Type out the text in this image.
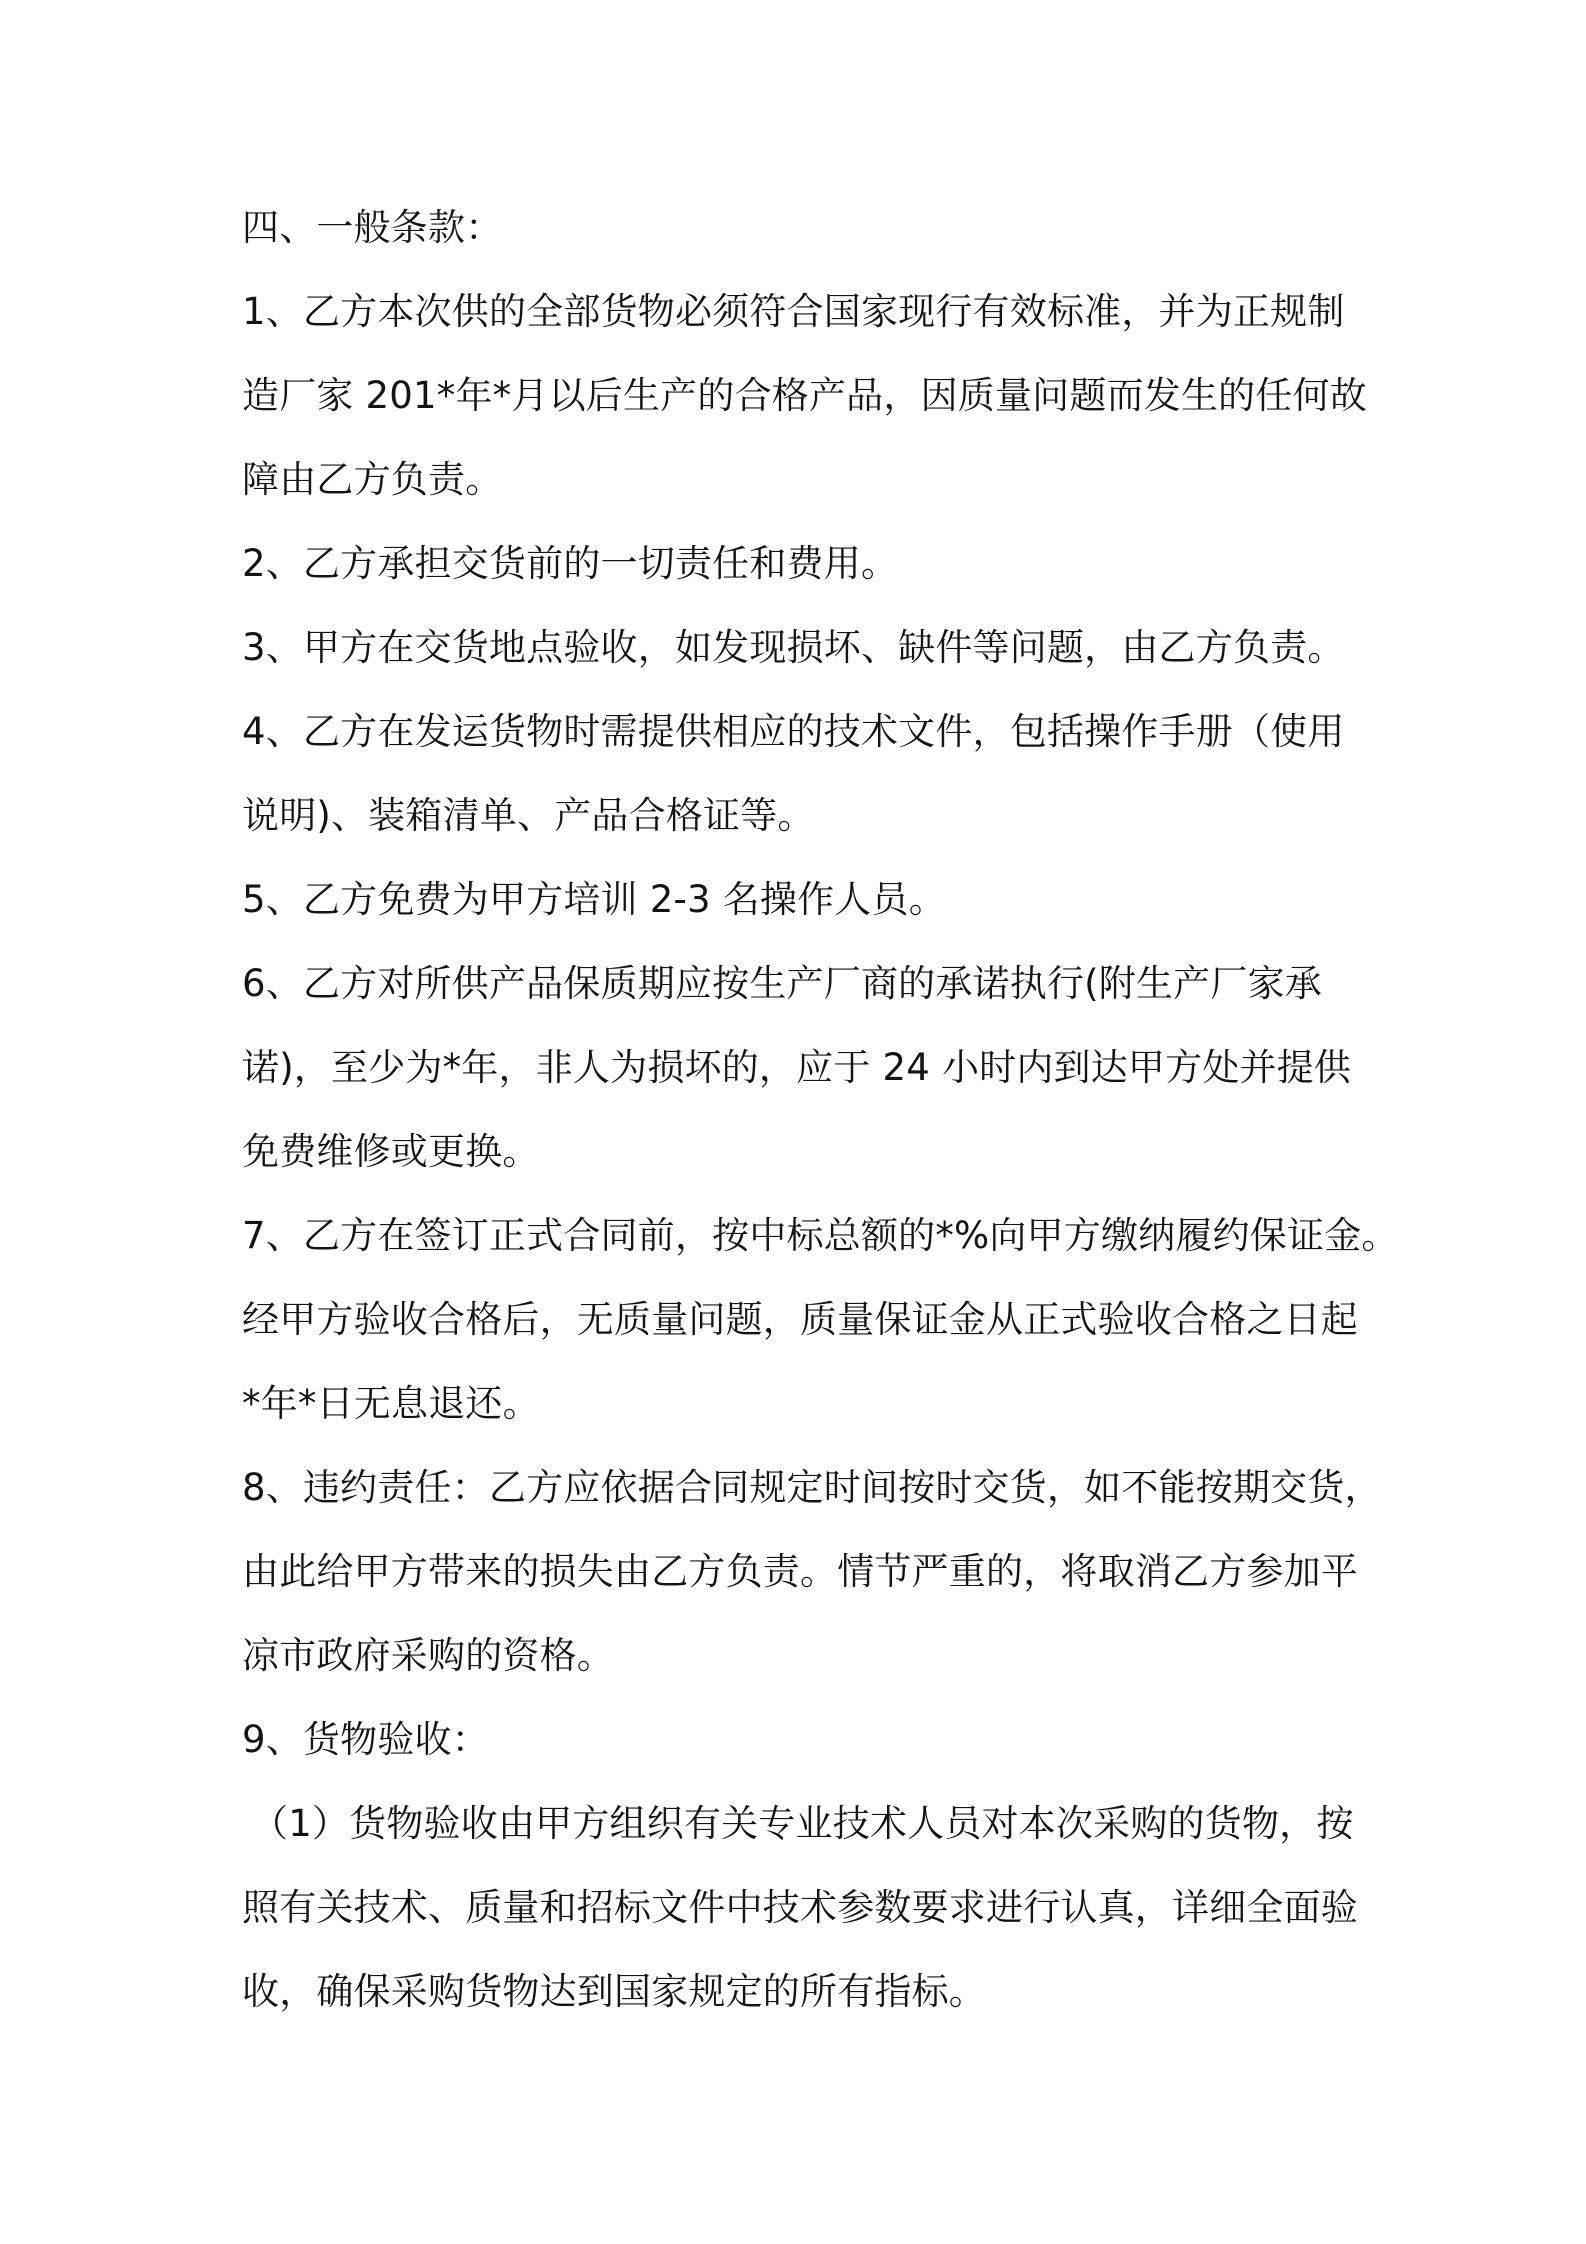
四、一般条款：
1、乙方本次供的全部货物必须符合国家现行有效标准，并为正规制
造厂家 201*年*月以后生产的合格产品，因质量问题而发生的任何故
障由乙方负责。
2、乙方承担交货前的一切责任和费用。
3、甲方在交货地点验收，如发现损坏、缺件等问题，由乙方负责。
4、乙方在发运货物时需提供相应的技术文件，包括操作手册（使用
说明)、装箱清单、产品合格证等。
5、乙方免费为甲方培训 2-3 名操作人员。
6、乙方对所供产品保质期应按生产厂商的承诺执行(附生产厂家承
诺)，至少为*年，非人为损坏的，应于 24 小时内到达甲方处并提供
免费维修或更换。
7、乙方在签订正式合同前，按中标总额的*%向甲方缴纳履约保证金。
经甲方验收合格后，无质量问题，质量保证金从正式验收合格之日起
*年*日无息退还。
8、违约责任：乙方应依据合同规定时间按时交货，如不能按期交货，
由此给甲方带来的损失由乙方负责。情节严重的，将取消乙方参加平
凉市政府采购的资格。
9、货物验收：
（1）货物验收由甲方组织有关专业技术人员对本次采购的货物，按
照有关技术、质量和招标文件中技术参数要求进行认真，详细全面验
收，确保采购货物达到国家规定的所有指标。
